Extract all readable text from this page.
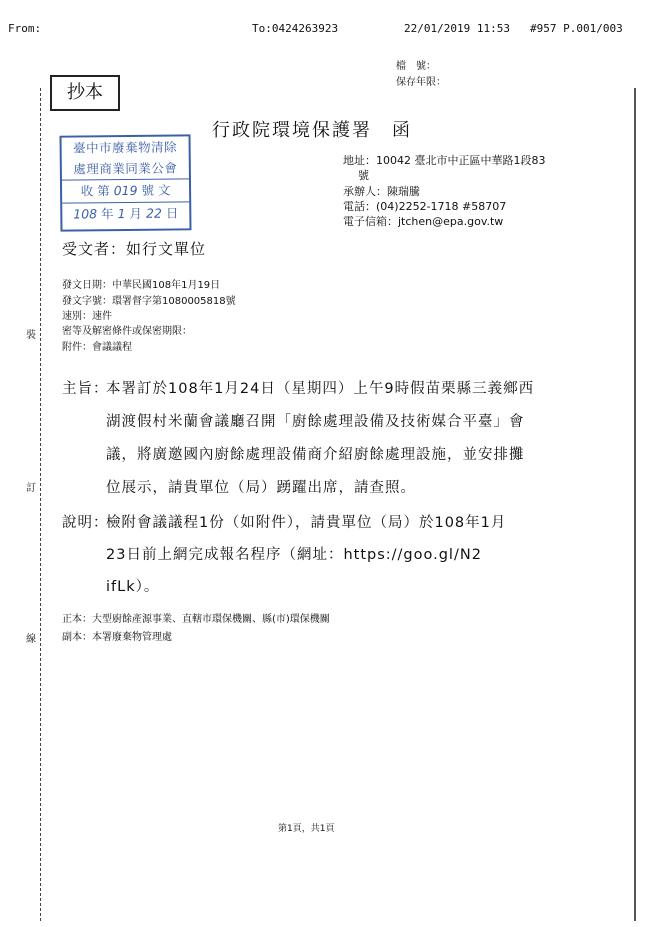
From:	To:0424263923	22/01/2019 11:53 #957 P.001/003
檔　號：
保存年限：
抄本
行政院環境保護署　函
臺中市廢棄物清除
處理商業同業公會
收 第 019 號 文
108 年 1 月 22 日
地址：10042 臺北市中正區中華路1段83
號
承辦人：陳瑞騰
電話：(04)2252-1718 #58707
電子信箱：jtchen@epa.gov.tw
受文者：如行文單位
發文日期：中華民國108年1月19日
發文字號：環署督字第1080005818號
速別：速件
密等及解密條件或保密期限：
附件：會議議程
裝
訂
線
主旨：
本署訂於108年1月24日（星期四）上午9時假苗栗縣三義鄉西
湖渡假村米蘭會議廳召開「廚餘處理設備及技術媒合平臺」會
議，將廣邀國內廚餘處理設備商介紹廚餘處理設施，並安排攤
位展示，請貴單位（局）踴躍出席，請查照。
說明：
檢附會議議程1份（如附件），請貴單位（局）於108年1月
23日前上網完成報名程序（網址：https://goo.gl/N2
ifLk）。
正本：大型廚餘產源事業、直轄市環保機關、縣(市)環保機關
副本：本署廢棄物管理處
第1頁，共1頁
